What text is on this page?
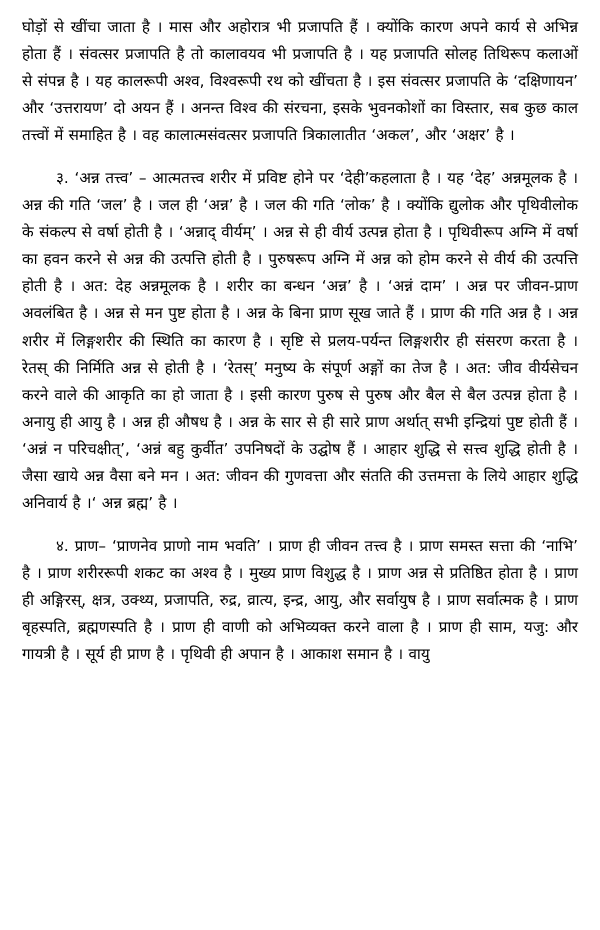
घोड़ों से खींचा जाता है । मास और अहोरात्र भी प्रजापति हैं । क्योंकि कारण अपने कार्य से अभिन्न होता हैं । संवत्सर प्रजापति है तो कालावयव भी प्रजापति है । यह प्रजापति सोलह तिथिरूप कलाओं से संपन्न है । यह कालरूपी अश्व, विश्वरूपी रथ को खींचता है । इस संवत्सर प्रजापति के ‘दक्षिणायन’ और ‘उत्तरायण’ दो अयन हैं । अनन्त विश्व की संरचना, इसके भुवनकोशों का विस्तार, सब कुछ काल तत्त्वों में समाहित है । वह कालात्मसंवत्सर प्रजापति त्रिकालातीत ‘अकल’, और ‘अक्षर’ है ।

३. ‘अन्न तत्त्व’ – आत्मतत्त्व शरीर में प्रविष्ट होने पर ‘देही’कहलाता है । यह ‘देह’ अन्नमूलक है । अन्न की गति ‘जल’ है । जल ही ‘अन्न’ है । जल की गति ‘लोक’ है । क्योंकि द्युलोक और पृथिवीलोक के संकल्प से वर्षा होती है । ‘अन्नाद् वीर्यम्’ । अन्न से ही वीर्य उत्पन्न होता है । पृथिवीरूप अग्नि में वर्षा का हवन करने से अन्न की उत्पत्ति होती है । पुरुषरूप अग्नि में अन्न को होम करने से वीर्य की उत्पत्ति होती है । अत: देह अन्नमूलक है । शरीर का बन्धन ‘अन्न’ है । ‘अन्नं दाम’ । अन्न पर जीवन-प्राण अवलंबित है । अन्न से मन पुष्ट होता है । अन्न के बिना प्राण सूख जाते हैं । प्राण की गति अन्न है । अन्न शरीर में लिङ्गशरीर की स्थिति का कारण है । सृष्टि से प्रलय-पर्यन्त लिङ्गशरीर ही संसरण करता है । रेतस् की निर्मिति अन्न से होती है । ‘रेतस्’ मनुष्य के संपूर्ण अङ्गों का तेज है । अत: जीव वीर्यसेचन करने वाले की आकृति का हो जाता है । इसी कारण पुरुष से पुरुष और बैल से बैल उत्पन्न होता है । अनायु ही आयु है । अन्न ही औषध है । अन्न के सार से ही सारे प्राण अर्थात् सभी इन्द्रियां पुष्ट होती हैं । ‘अन्नं न परिचक्षीत्’, ‘अन्नं बहु कुर्वीत’ उपनिषदों के उद्घोष हैं । आहार शुद्धि से सत्त्व शुद्धि होती है । जैसा खाये अन्न वैसा बने मन । अत: जीवन की गुणवत्ता और संतति की उत्तमत्ता के लिये आहार शुद्धि अनिवार्य है ।‘ अन्न ब्रह्म’ है ।

४. प्राण– ‘प्राणनेव प्राणो नाम भवति’ । प्राण ही जीवन तत्त्व है । प्राण समस्त सत्ता की ‘नाभि’ है । प्राण शरीररूपी शकट का अश्व है । मुख्य प्राण विशुद्ध है । प्राण अन्न से प्रतिष्ठित होता है । प्राण ही अङ्गिरस्, क्षत्र, उक्थ्य, प्रजापति, रुद्र, व्रात्य, इन्द्र, आयु, और सर्वायुष है । प्राण सर्वात्मक है । प्राण बृहस्पति, ब्रह्मणस्पति है । प्राण ही वाणी को अभिव्यक्त करने वाला है । प्राण ही साम, यजु: और गायत्री है । सूर्य ही प्राण है । पृथिवी ही अपान है । आकाश समान है । वायु
